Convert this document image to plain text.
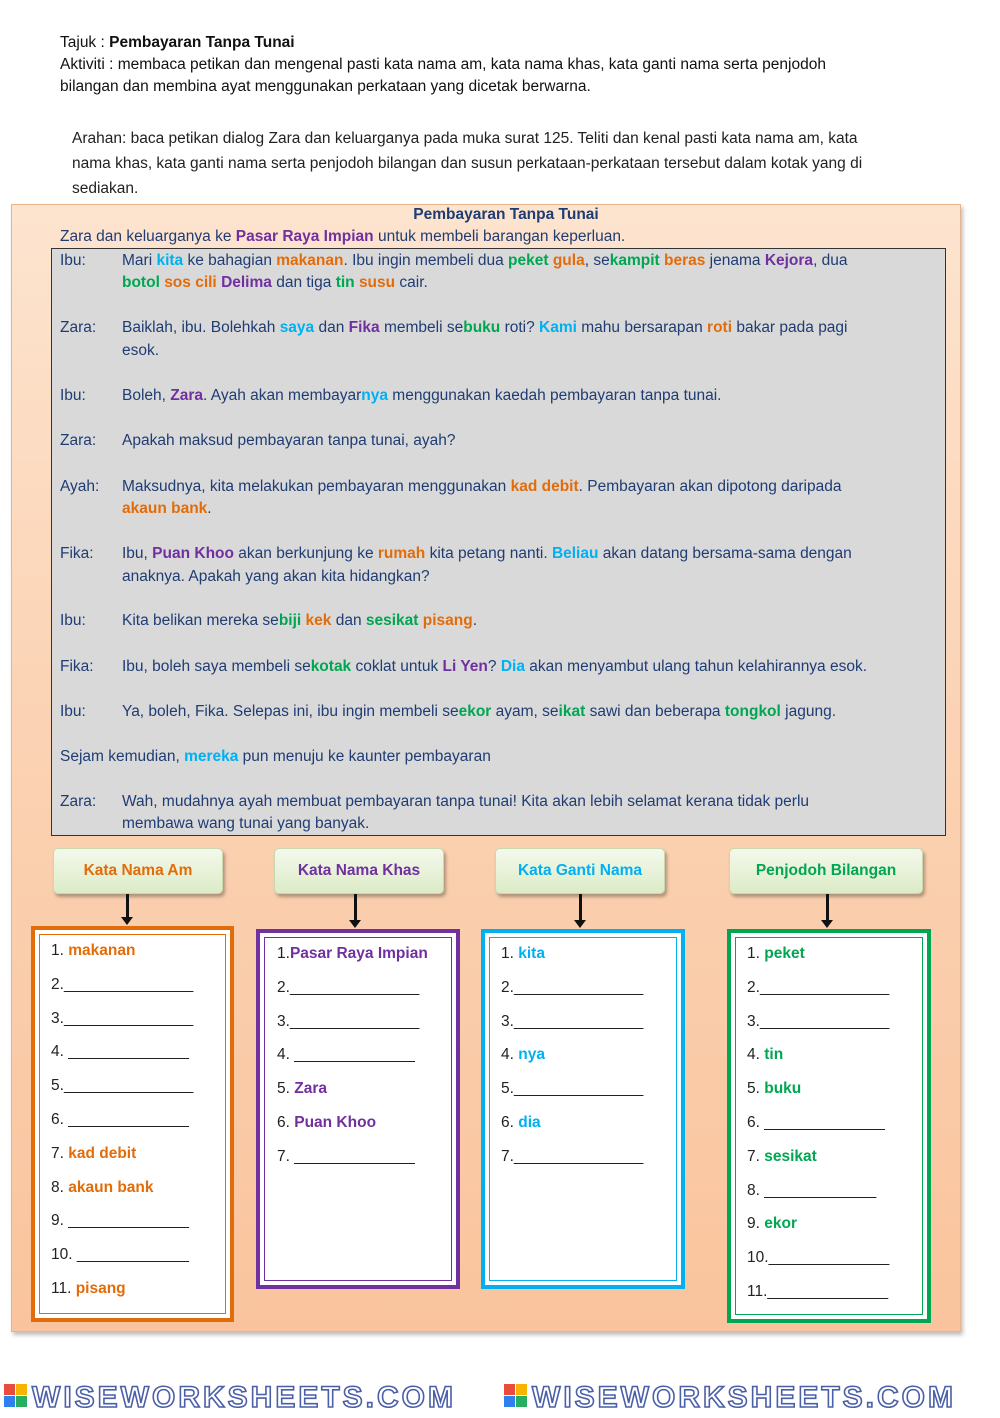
Tajuk : Pembayaran Tanpa Tunai
Aktiviti : membaca petikan dan mengenal pasti kata nama am, kata nama khas, kata ganti nama serta penjodoh
bilangan dan membina ayat menggunakan perkataan yang dicetak berwarna.
Arahan: baca petikan dialog Zara dan keluarganya pada muka surat 125. Teliti dan kenal pasti kata nama am, kata
nama khas, kata ganti nama serta penjodoh bilangan dan susun perkataan-perkataan tersebut dalam kotak yang di
sediakan.
Pembayaran Tanpa Tunai
Zara dan keluarganya ke Pasar Raya Impian untuk membeli barangan keperluan.
Ibu: Mari kita ke bahagian makanan. Ibu ingin membeli dua peket gula, sekampit beras jenama Kejora, dua
botol sos cili Delima dan tiga tin susu cair.
Zara: Baiklah, ibu. Bolehkah saya dan Fika membeli sebuku roti? Kami mahu bersarapan roti bakar pada pagi
esok.
Ibu: Boleh, Zara. Ayah akan membayarnya menggunakan kaedah pembayaran tanpa tunai.
Zara: Apakah maksud pembayaran tanpa tunai, ayah?
Ayah: Maksudnya, kita melakukan pembayaran menggunakan kad debit. Pembayaran akan dipotong daripada
akaun bank.
Fika: Ibu, Puan Khoo akan berkunjung ke rumah kita petang nanti. Beliau akan datang bersama-sama dengan
anaknya. Apakah yang akan kita hidangkan?
Ibu: Kita belikan mereka sebiji kek dan sesikat pisang.
Fika: Ibu, boleh saya membeli sekotak coklat untuk Li Yen? Dia akan menyambut ulang tahun kelahirannya esok.
Ibu: Ya, boleh, Fika. Selepas ini, ibu ingin membeli seekor ayam, seikat sawi dan beberapa tongkol jagung.
Sejam kemudian, mereka pun menuju ke kaunter pembayaran
Zara: Wah, mudahnya ayah membuat pembayaran tanpa tunai! Kita akan lebih selamat kerana tidak perlu
membawa wang tunai yang banyak.
Kata Nama Am
1. makanan
2._______________
3._______________
4. ______________
5._______________
6. ______________
7. kad debit
8. akaun bank
9. ______________
10. _____________
11. pisang
Kata Nama Khas
1.Pasar Raya Impian
2._______________
3._______________
4. ______________
5. Zara
6. Puan Khoo
7. ______________
Kata Ganti Nama
1. kita
2._______________
3._______________
4. nya
5._______________
6. dia
7._______________
Penjodoh Bilangan
1. peket
2._______________
3._______________
4. tin
5. buku
6. ______________
7. sesikat
8. _____________
9. ekor
10.______________
11.______________
WISEWORKSHEETS.COM	WISEWORKSHEETS.COM
